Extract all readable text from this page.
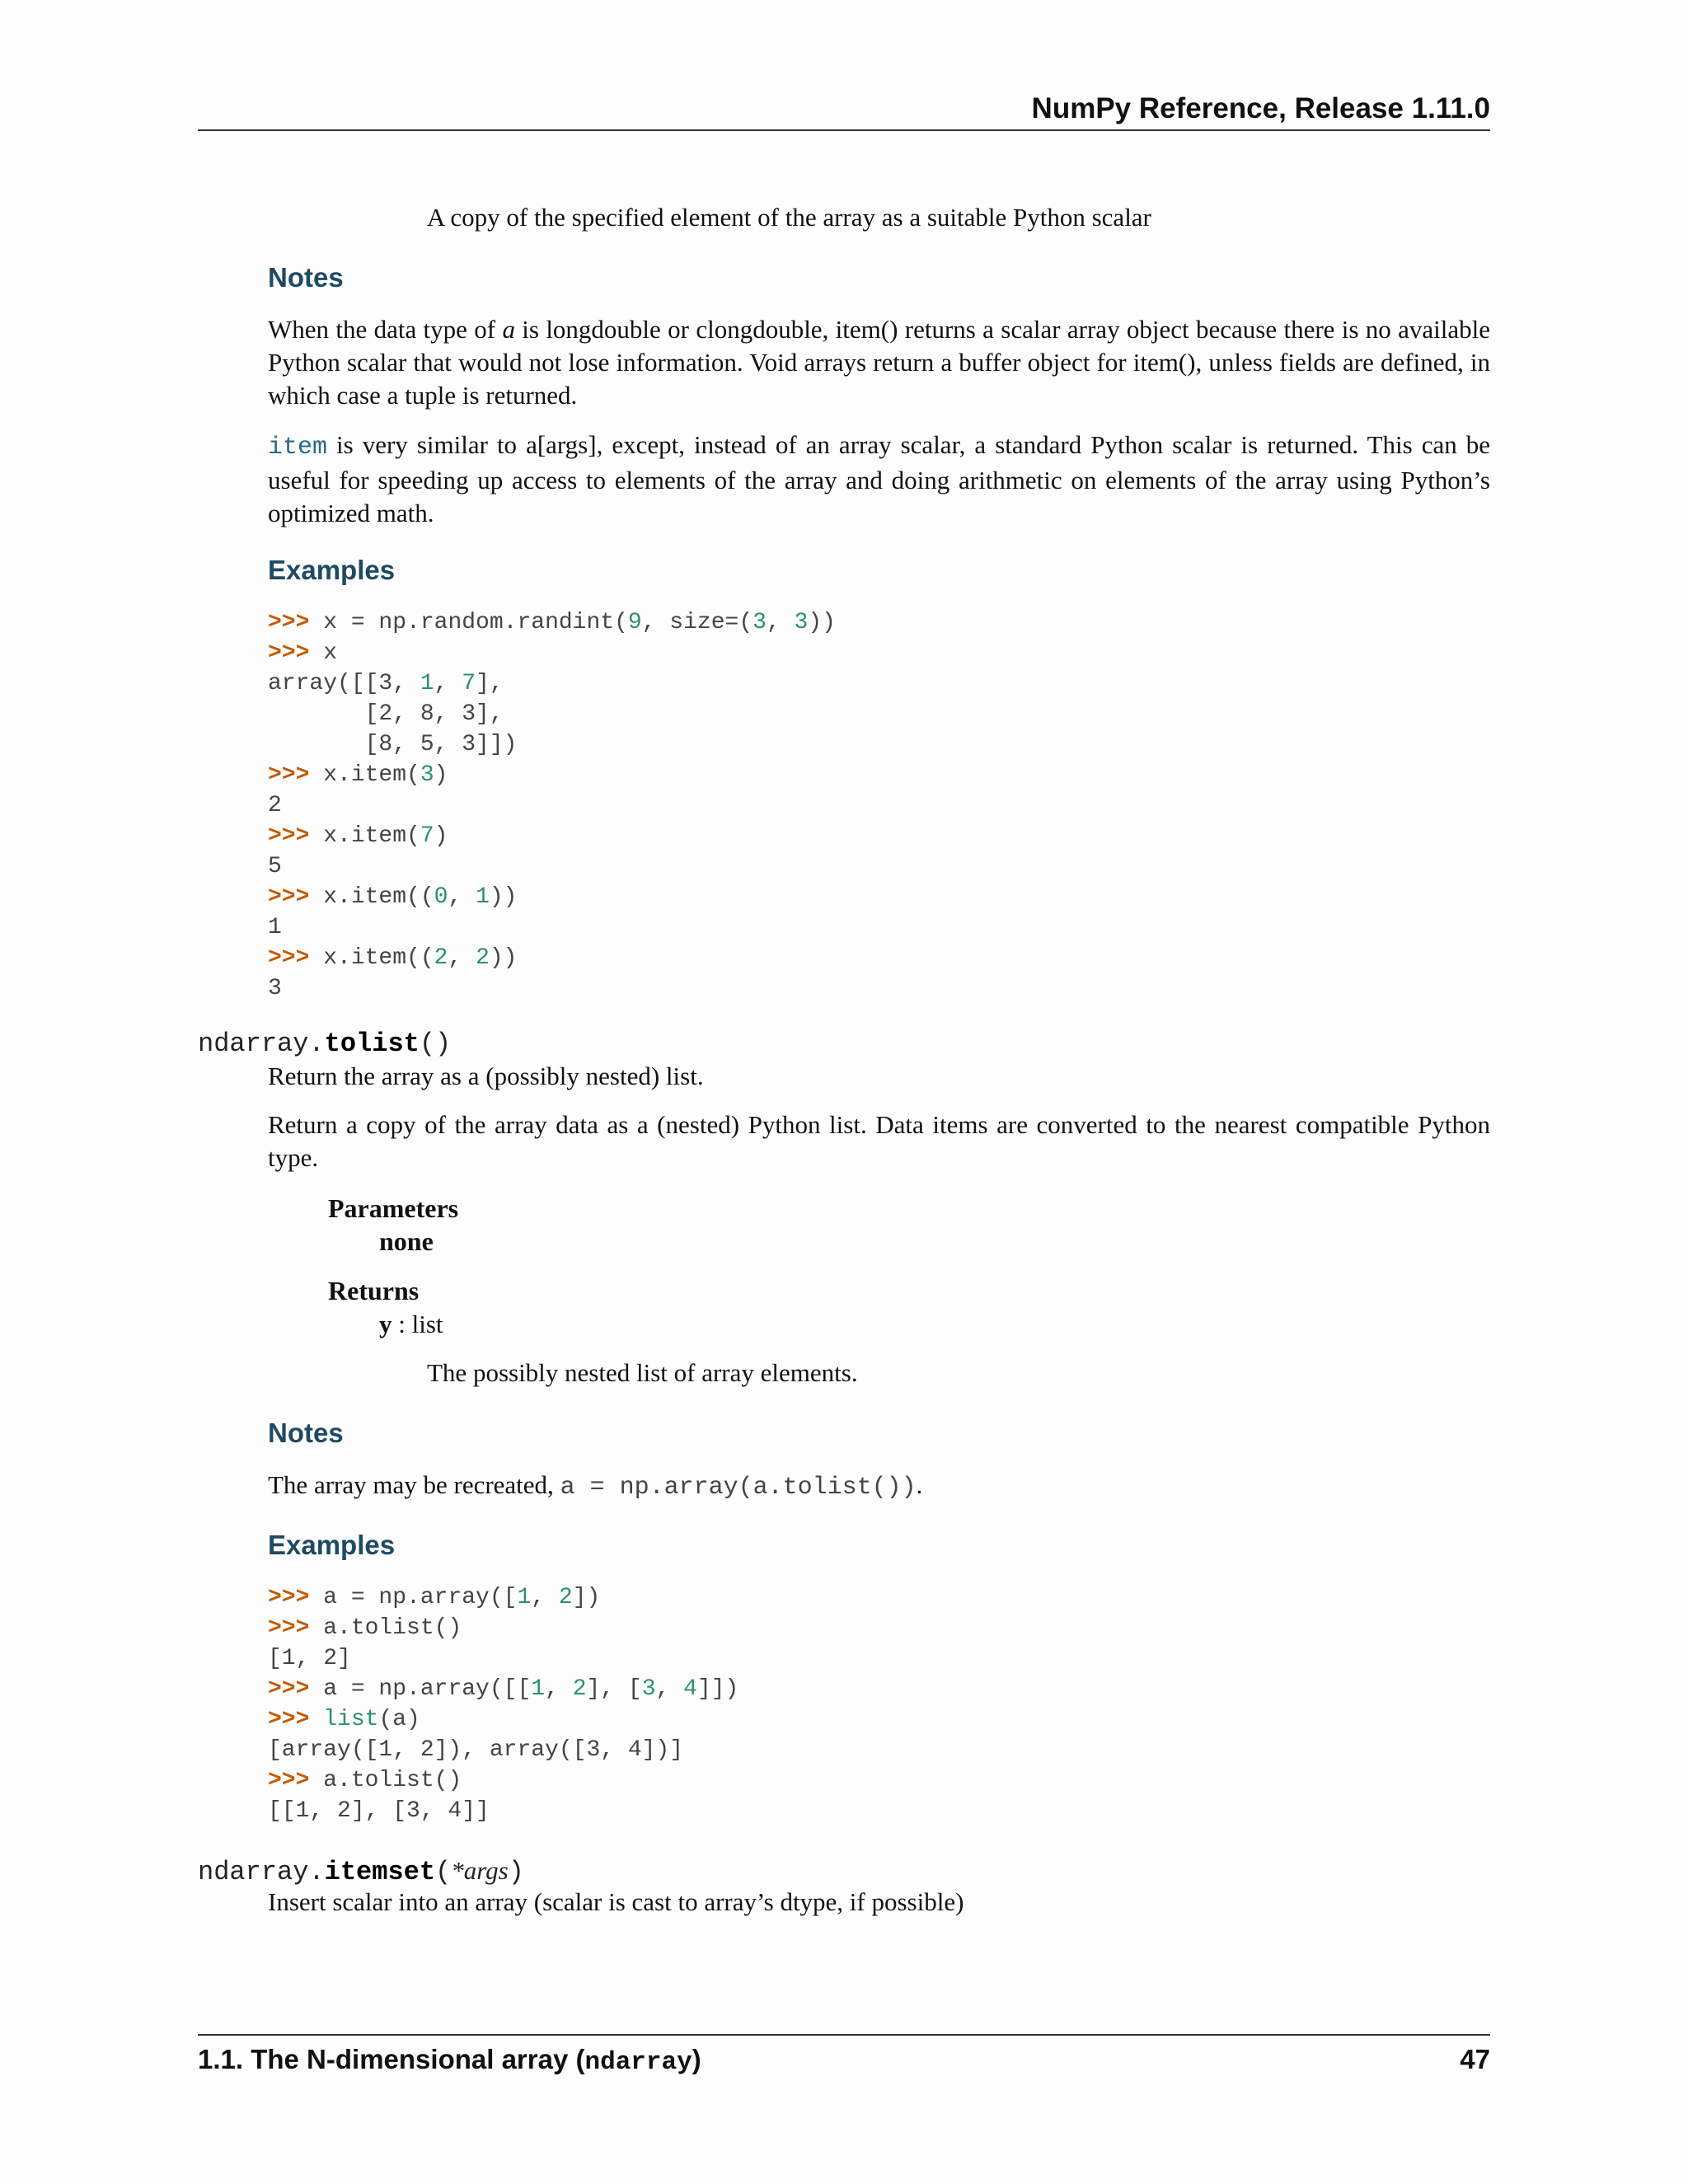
NumPy Reference, Release 1.11.0
A copy of the specified element of the array as a suitable Python scalar
Notes
When the data type of a is longdouble or clongdouble, item() returns a scalar array object because there is no available Python scalar that would not lose information. Void arrays return a buffer object for item(), unless fields are defined, in which case a tuple is returned.
item is very similar to a[args], except, instead of an array scalar, a standard Python scalar is returned. This can be useful for speeding up access to elements of the array and doing arithmetic on elements of the array using Python’s optimized math.
Examples
>>> x = np.random.randint(9, size=(3, 3))
>>> x
array([[3, 1, 7],
[2, 8, 3],
[8, 5, 3]])
>>> x.item(3)
2
>>> x.item(7)
5
>>> x.item((0, 1))
1
>>> x.item((2, 2))
3
ndarray.tolist()
Return the array as a (possibly nested) list.
Return a copy of the array data as a (nested) Python list. Data items are converted to the nearest compatible Python type.
Parameters
none
Returns
y : list
The possibly nested list of array elements.
Notes
The array may be recreated, a = np.array(a.tolist()).
Examples
>>> a = np.array([1, 2])
>>> a.tolist()
[1, 2]
>>> a = np.array([[1, 2], [3, 4]])
>>> list(a)
[array([1, 2]), array([3, 4])]
>>> a.tolist()
[[1, 2], [3, 4]]
ndarray.itemset(*args)
Insert scalar into an array (scalar is cast to array’s dtype, if possible)
1.1. The N-dimensional array (ndarray)	47
